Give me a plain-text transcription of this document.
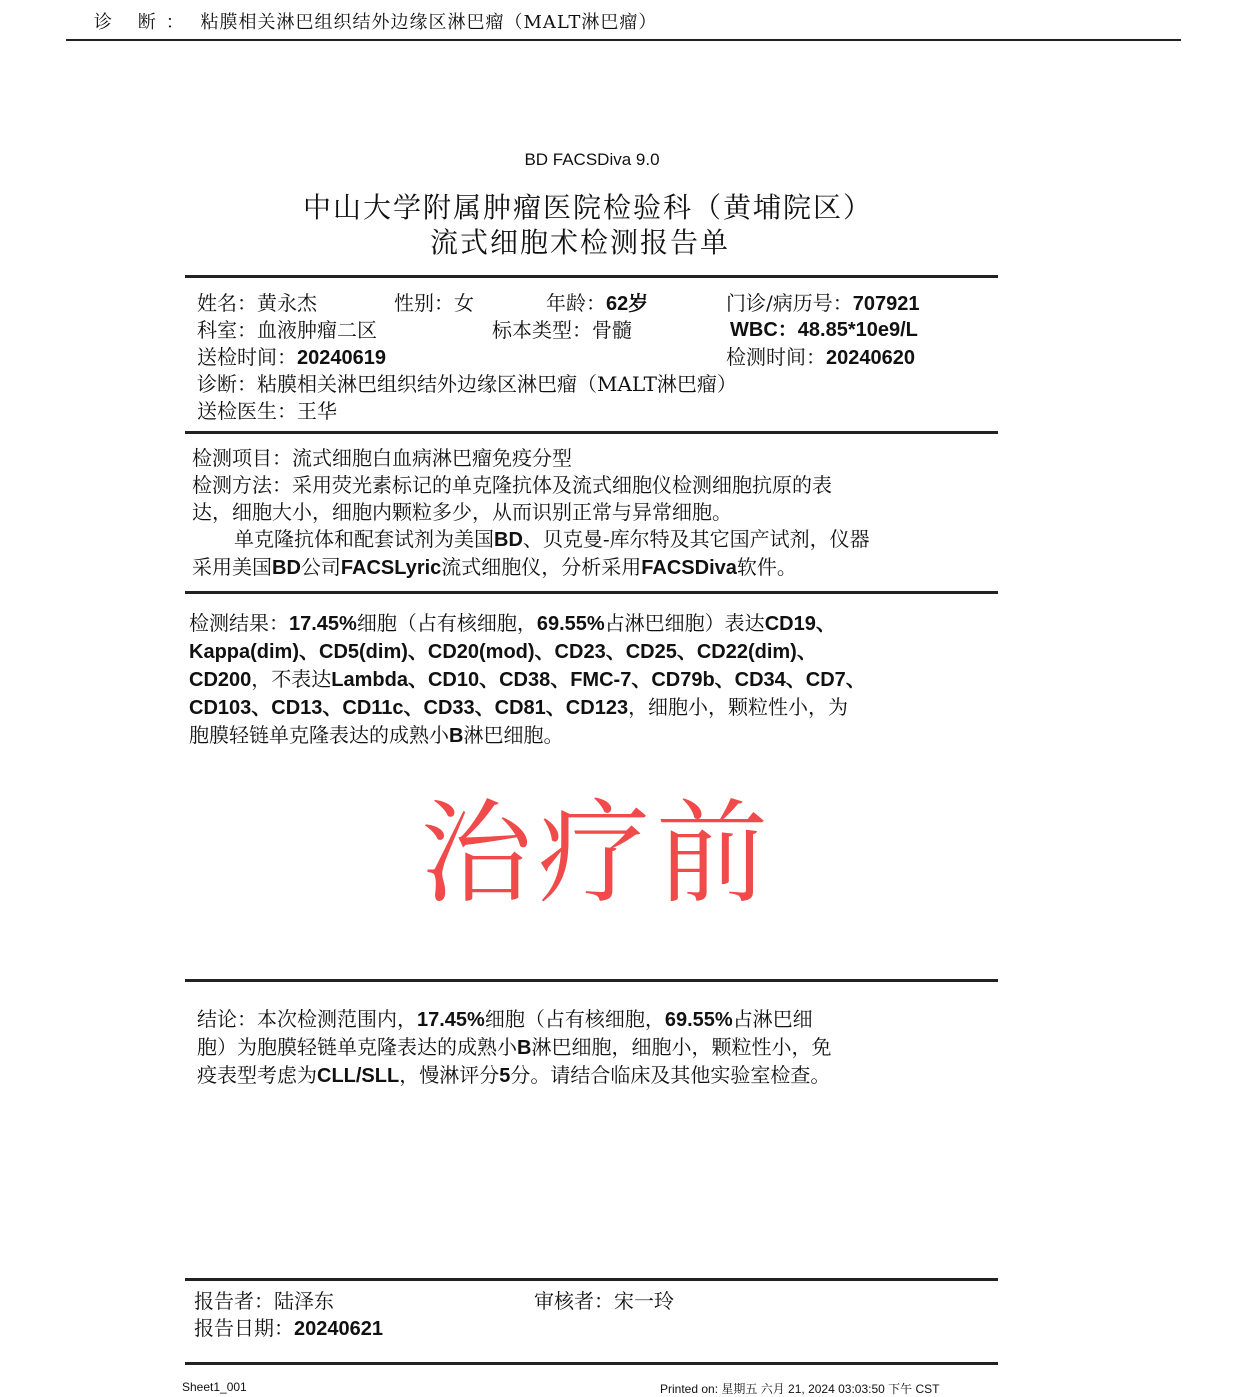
诊 断： 粘膜相关淋巴组织结外边缘区淋巴瘤（MALT淋巴瘤）
BD FACSDiva 9.0
中山大学附属肿瘤医院检验科（黄埔院区）
流式细胞术检测报告单
姓名：黄永杰	性别：女	年龄：62岁	门诊/病历号：707921
科室：血液肿瘤二区	标本类型：骨髓	WBC：48.85*10e9/L
送检时间：20240619	检测时间：20240620
诊断：粘膜相关淋巴组织结外边缘区淋巴瘤（MALT淋巴瘤）
送检医生：王华
检测项目：流式细胞白血病淋巴瘤免疫分型
检测方法：采用荧光素标记的单克隆抗体及流式细胞仪检测细胞抗原的表
达，细胞大小，细胞内颗粒多少，从而识别正常与异常细胞。
单克隆抗体和配套试剂为美国BD、贝克曼-库尔特及其它国产试剂，仪器
采用美国BD公司FACSLyric流式细胞仪，分析采用FACSDiva软件。
检测结果：17.45%细胞（占有核细胞，69.55%占淋巴细胞）表达CD19、
Kappa(dim)、CD5(dim)、CD20(mod)、CD23、CD25、CD22(dim)、
CD200，不表达Lambda、CD10、CD38、FMC-7、CD79b、CD34、CD7、
CD103、CD13、CD11c、CD33、CD81、CD123，细胞小，颗粒性小，为
胞膜轻链单克隆表达的成熟小B淋巴细胞。
治疗前
结论：本次检测范围内，17.45%细胞（占有核细胞，69.55%占淋巴细
胞）为胞膜轻链单克隆表达的成熟小B淋巴细胞，细胞小，颗粒性小，免
疫表型考虑为CLL/SLL，慢淋评分5分。请结合临床及其他实验室检查。
报告者：陆泽东	审核者：宋一玲
报告日期：20240621
Sheet1_001	Printed on: 星期五 六月 21, 2024 03:03:50 下午 CST
